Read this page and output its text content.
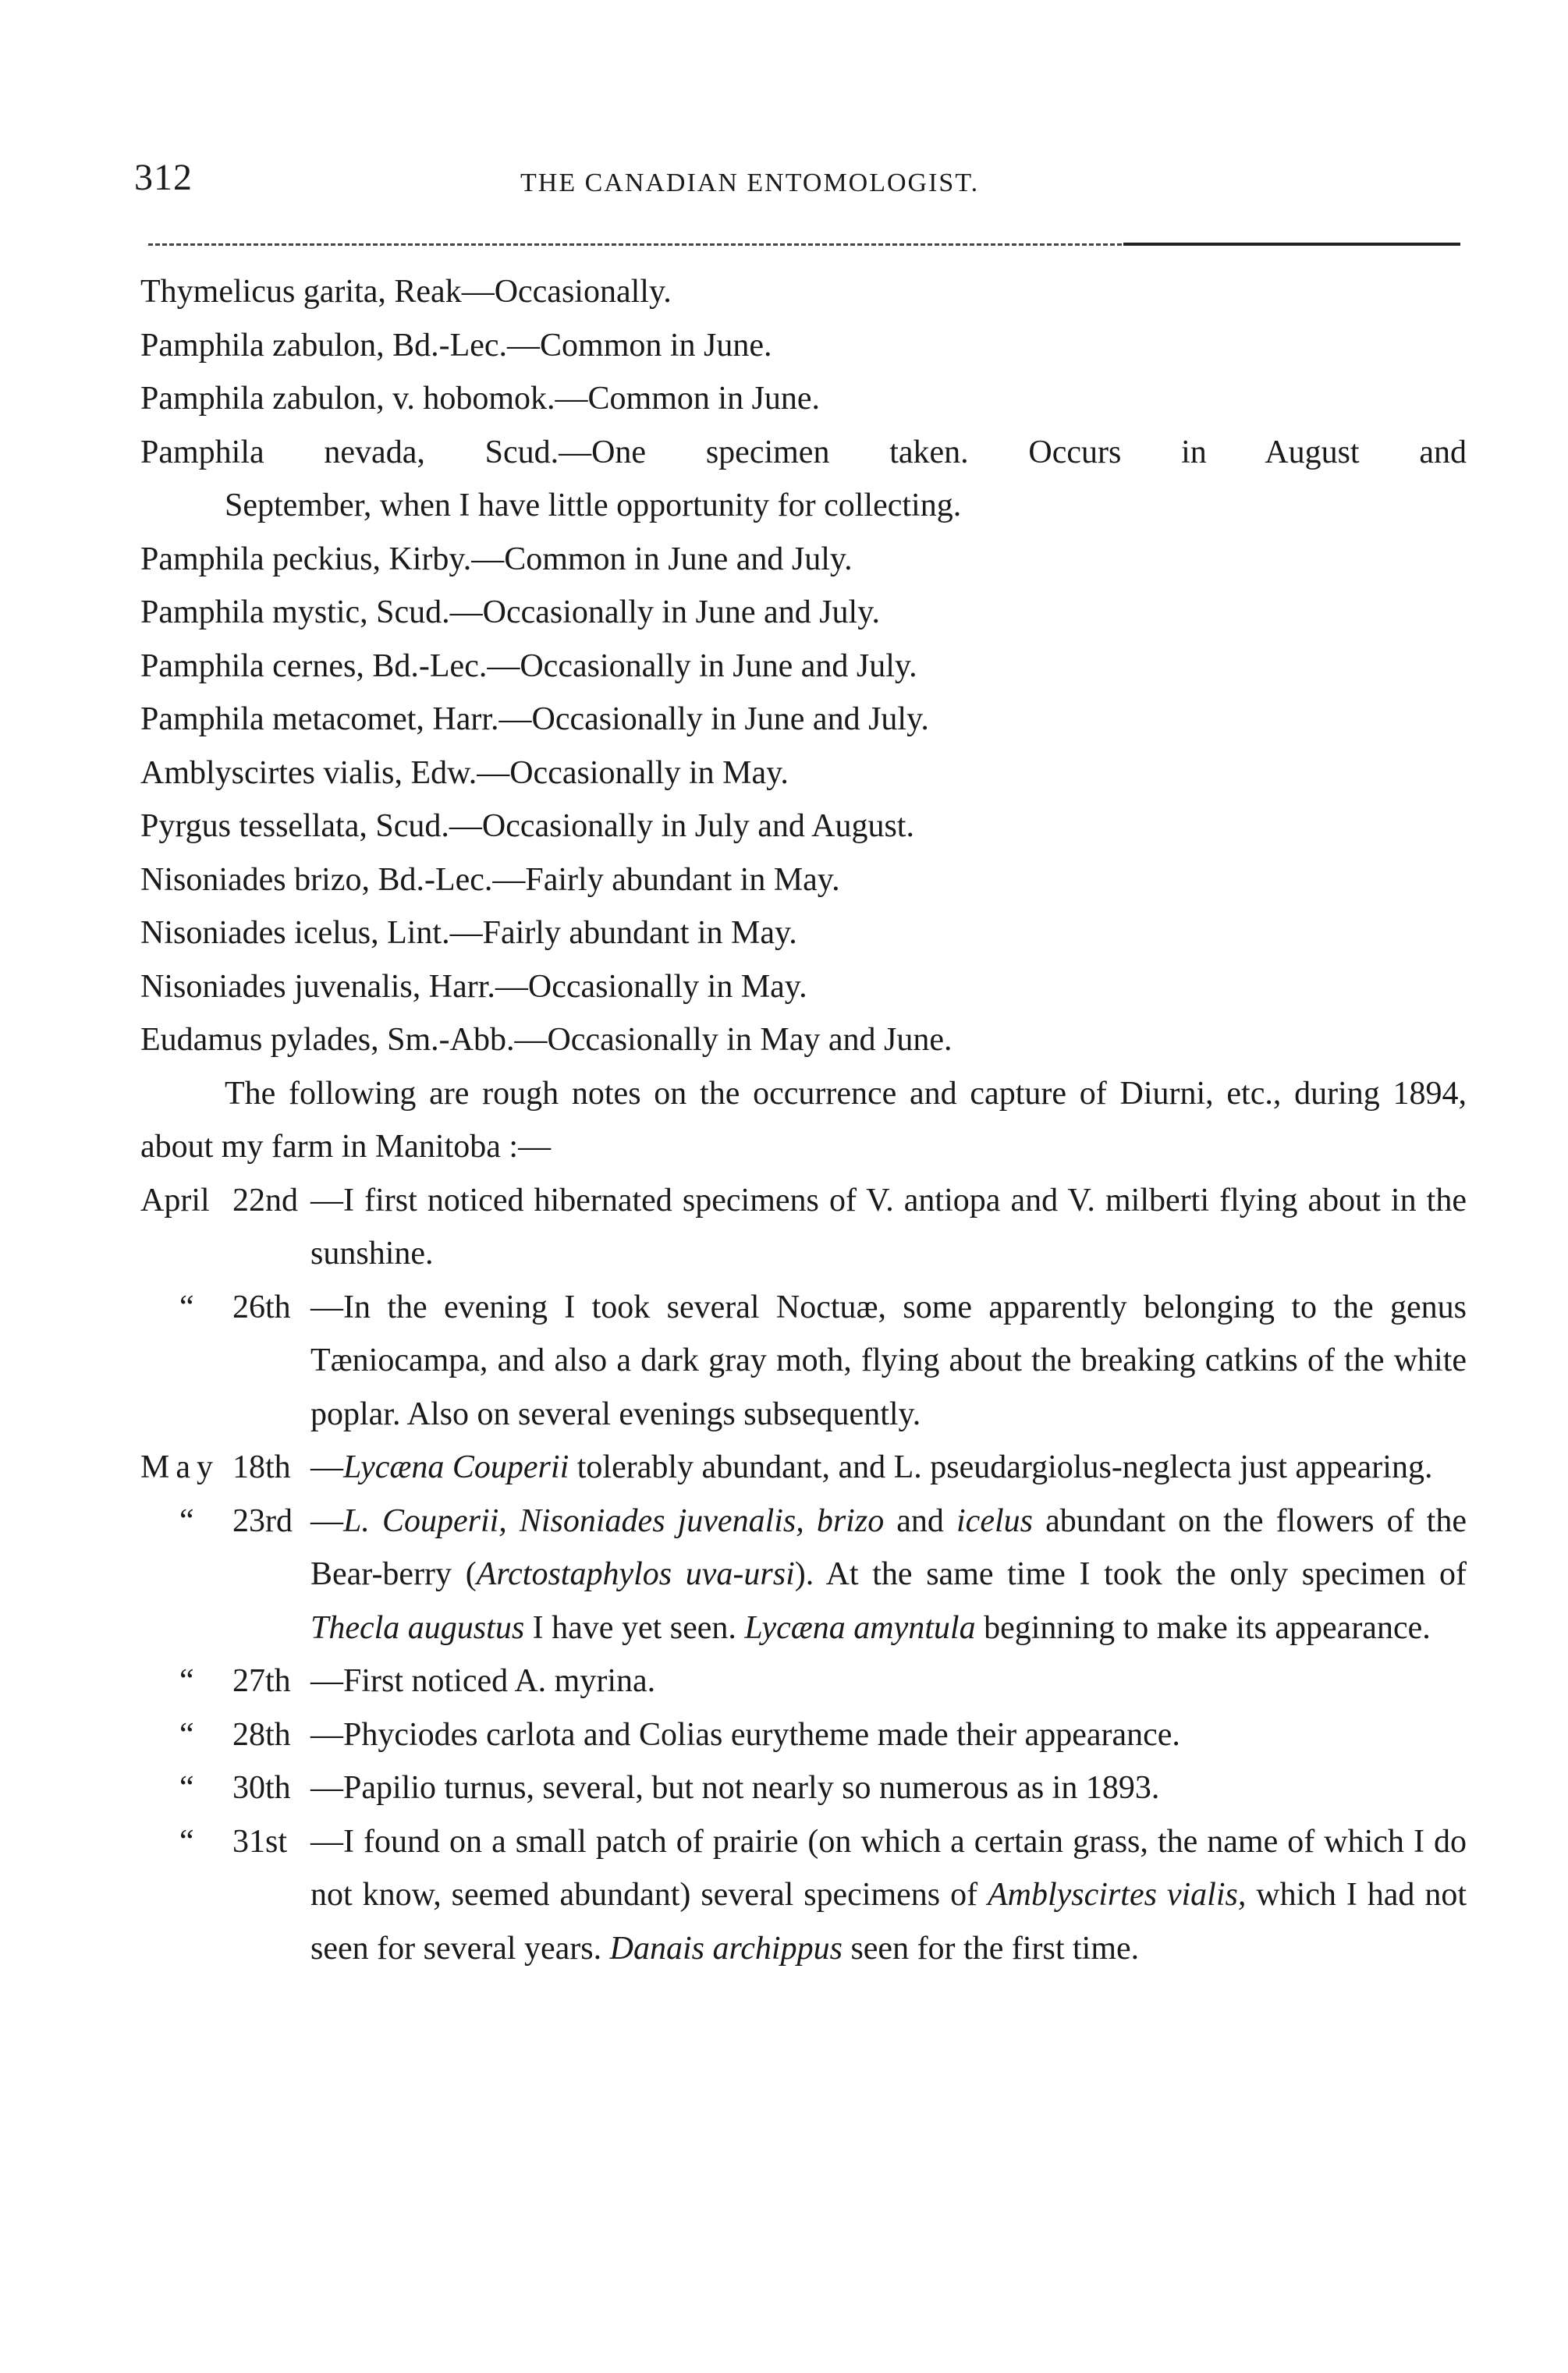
312	THE CANADIAN ENTOMOLOGIST.

Thymelicus garita, Reak—Occasionally.

Pamphila zabulon, Bd.-Lec.—Common in June.

Pamphila zabulon, v. hobomok.—Common in June.

Pamphila nevada, Scud.—One specimen taken. Occurs in August and
September, when I have little opportunity for collecting.

Pamphila peckius, Kirby.—Common in June and July.

Pamphila mystic, Scud.—Occasionally in June and July.

Pamphila cernes, Bd.-Lec.—Occasionally in June and July.

Pamphila metacomet, Harr.—Occasionally in June and July.

Amblyscirtes vialis, Edw.—Occasionally in May.

Pyrgus tessellata, Scud.—Occasionally in July and August.

Nisoniades brizo, Bd.-Lec.—Fairly abundant in May.

Nisoniades icelus, Lint.—Fairly abundant in May.

Nisoniades juvenalis, Harr.—Occasionally in May.

Eudamus pylades, Sm.-Abb.—Occasionally in May and June.

The following are rough notes on the occurrence and capture of Diurni, etc., during 1894, about my farm in Manitoba :—

April 22nd —I first noticed hibernated specimens of V. antiopa and V. milberti flying about in the sunshine.
“	26th —In the evening I took several Noctuæ, some apparently belonging to the genus Tæniocampa, and also a dark gray moth, flying about the breaking catkins of the white poplar. Also on several evenings subsequently.
May 18th —Lycæna Couperii tolerably abundant, and L. pseudargiolus-neglecta just appearing.
“	23rd —L. Couperii, Nisoniades juvenalis, brizo and icelus abundant on the flowers of the Bear-berry (Arctostaphylos uva-ursi). At the same time I took the only specimen of Thecla augustus I have yet seen. Lycæna amyntula beginning to make its appearance.
“	27th —First noticed A. myrina.
“	28th —Phyciodes carlota and Colias eurytheme made their appearance.
“	30th —Papilio turnus, several, but not nearly so numerous as in 1893.
“	31st —I found on a small patch of prairie (on which a certain grass, the name of which I do not know, seemed abundant) several specimens of Amblyscirtes vialis, which I had not seen for several years. Danais archippus seen for the first time.
